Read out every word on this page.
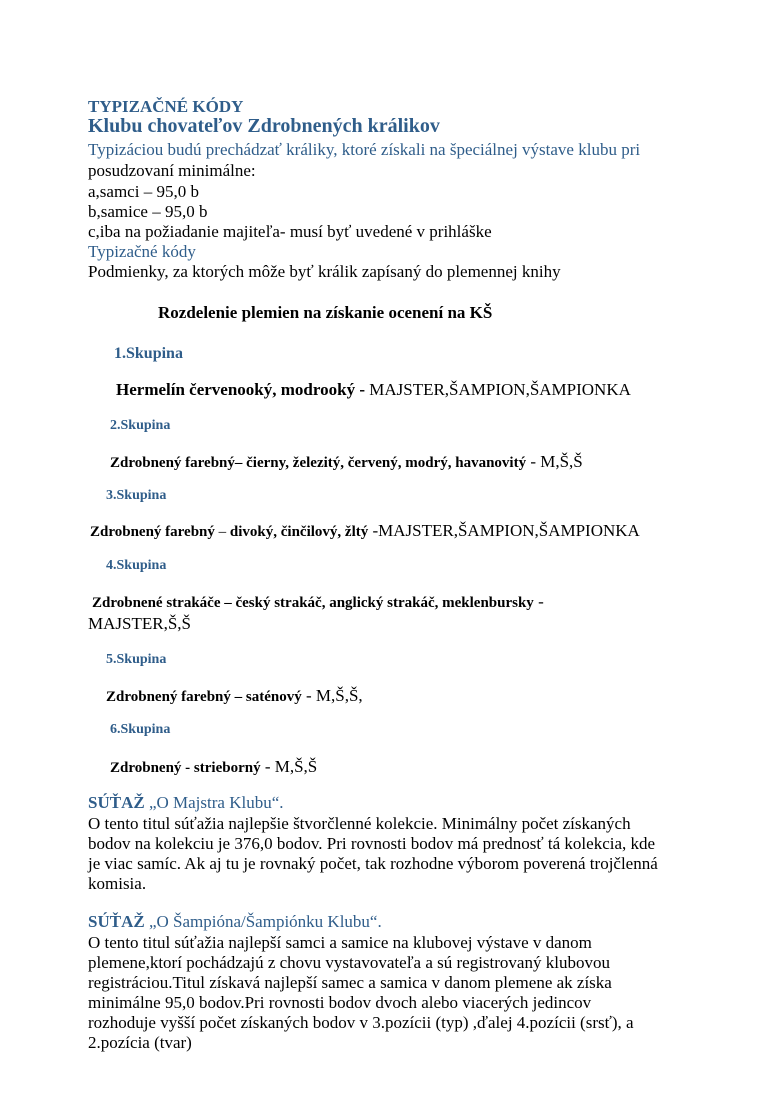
TYPIZAČNÉ KÓDY
Klubu chovateľov Zdrobnených králikov
Typizáciou budú prechádzať králiky, ktoré získali na špeciálnej výstave klubu pri
posudzovaní minimálne:
a,samci – 95,0 b
b,samice – 95,0 b
c,iba na požiadanie majiteľa- musí byť uvedené v prihláške
Typizačné kódy
Podmienky, za ktorých môže byť králik zapísaný do plemennej knihy
Rozdelenie plemien na získanie ocenení na KŠ
1.Skupina
Hermelín červenooký, modrooký - MAJSTER,ŠAMPION,ŠAMPIONKA
2.Skupina
Zdrobnený farebný– čierny, železitý, červený, modrý, havanovitý - M,Š,Š
3.Skupina
Zdrobnený farebný – divoký, činčilový, žltý -MAJSTER,ŠAMPION,ŠAMPIONKA
4.Skupina
Zdrobnené strakáče – český strakáč, anglický strakáč, meklenbursky -
MAJSTER,Š,Š
5.Skupina
Zdrobnený farebný – saténový - M,Š,Š,
6.Skupina
Zdrobnený - strieborný - M,Š,Š
SÚŤAŽ „O Majstra Klubu“.
O tento titul súťažia najlepšie štvorčlenné kolekcie. Minimálny počet získaných
bodov na kolekciu je 376,0 bodov. Pri rovnosti bodov má prednosť tá kolekcia, kde
je viac samíc. Ak aj tu je rovnaký počet, tak rozhodne výborom poverená trojčlenná
komisia.
SÚŤAŽ „O Šampióna/Šampiónku Klubu“.
O tento titul súťažia najlepší samci a samice na klubovej výstave v danom
plemene,ktorí pochádzajú z chovu vystavovateľa a sú registrovaný klubovou
registráciou.Titul získavá najlepší samec a samica v danom plemene ak získa
minimálne 95,0 bodov.Pri rovnosti bodov dvoch alebo viacerých jedincov
rozhoduje vyšší počet získaných bodov v 3.pozícii (typ) ,ďalej 4.pozícii (srsť), a
2.pozícia (tvar)
